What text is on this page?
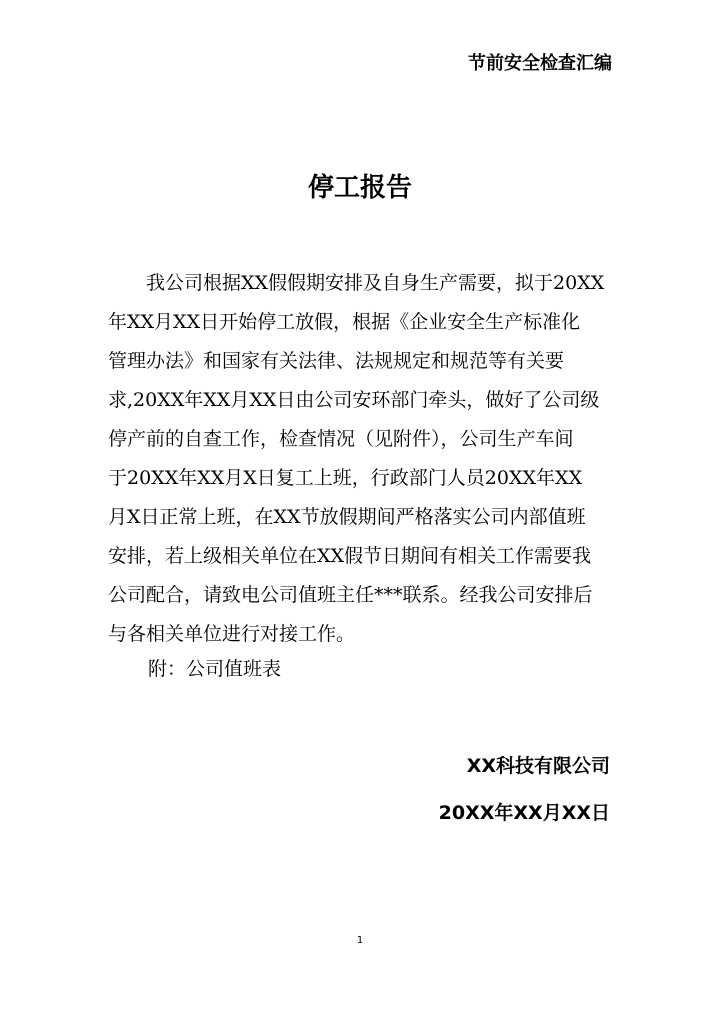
节前安全检查汇编
停工报告
　　我公司根据XX假假期安排及自身生产需要，拟于20XX
年XX月XX日开始停工放假，根据《企业安全生产标准化
管理办法》和国家有关法律、法规规定和规范等有关要
求,20XX年XX月XX日由公司安环部门牵头，做好了公司级
停产前的自查工作，检查情况（见附件），公司生产车间
于20XX年XX月X日复工上班，行政部门人员20XX年XX
月X日正常上班，在XX节放假期间严格落实公司内部值班
安排，若上级相关单位在XX假节日期间有相关工作需要我
公司配合，请致电公司值班主任***联系。经我公司安排后
与各相关单位进行对接工作。
附：公司值班表
XX科技有限公司
20XX年XX月XX日
1
